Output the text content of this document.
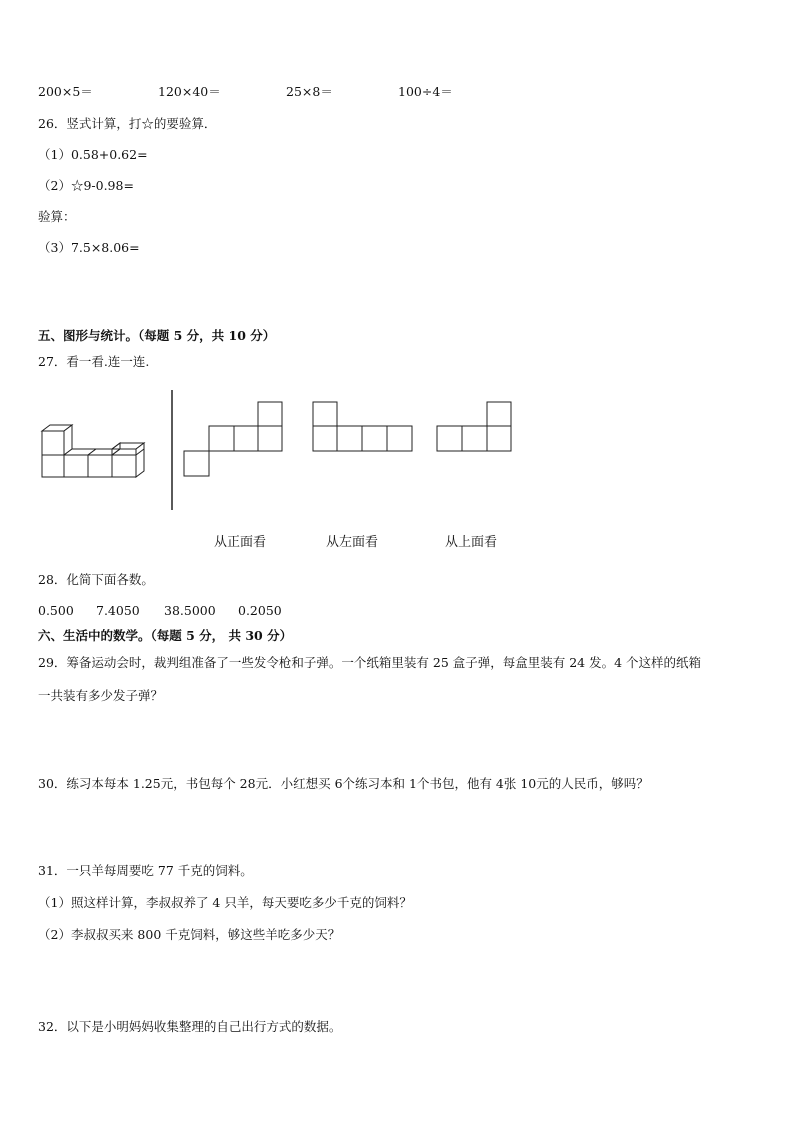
200×5＝	120×40＝	25×8＝	100÷4＝
26．竖式计算，打☆的要验算．
（1）0.58+0.62=
（2）☆9-0.98=
验算：
（3）7.5×8.06=
五、图形与统计。（每题 5 分，共 10 分）
27．看一看.连一连.
从正面看	从左面看	从上面看
28．化简下面各数。
0.500 7.4050 38.5000 0.2050
六、生活中的数学。（每题 5 分， 共 30 分）
29．筹备运动会时，裁判组准备了一些发令枪和子弹。一个纸箱里装有 25 盒子弹，每盒里装有 24 发。4 个这样的纸箱
一共装有多少发子弹？
30．练习本每本 1.25元，书包每个 28元．小红想买 6个练习本和 1个书包，他有 4张 10元的人民币，够吗？
31．一只羊每周要吃 77 千克的饲料。
（1）照这样计算，李叔叔养了 4 只羊，每天要吃多少千克的饲料？
（2）李叔叔买来 800 千克饲料，够这些羊吃多少天？
32．以下是小明妈妈收集整理的自己出行方式的数据。
